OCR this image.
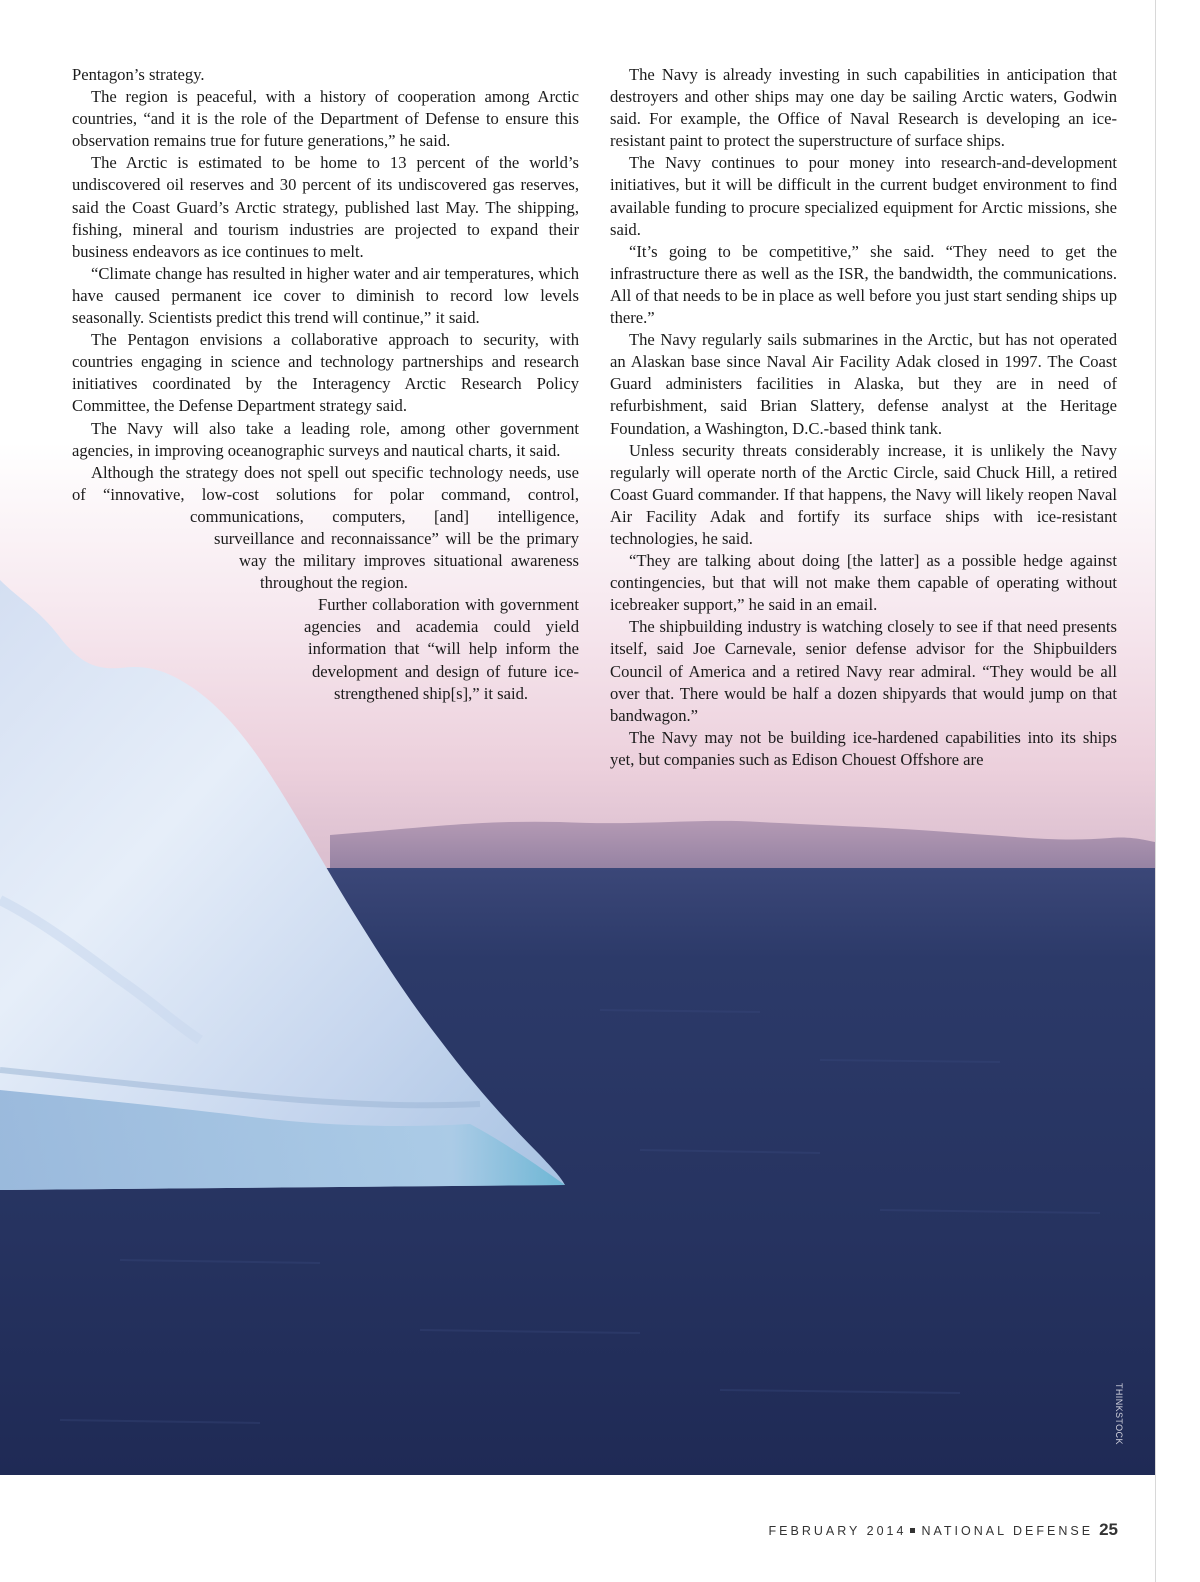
Pentagon’s strategy.

The region is peaceful, with a history of cooperation among Arctic countries, “and it is the role of the Department of Defense to ensure this observation remains true for future generations,” he said.

The Arctic is estimated to be home to 13 percent of the world’s undiscovered oil reserves and 30 percent of its undiscovered gas reserves, said the Coast Guard’s Arctic strategy, published last May. The shipping, fishing, mineral and tourism industries are projected to expand their business endeavors as ice continues to melt.

“Climate change has resulted in higher water and air temperatures, which have caused permanent ice cover to diminish to record low levels seasonally. Scientists predict this trend will continue,” it said.

The Pentagon envisions a collaborative approach to security, with countries engaging in science and technology partnerships and research initiatives coordinated by the Interagency Arctic Research Policy Committee, the Defense Department strategy said.

The Navy will also take a leading role, among other government agencies, in improving oceanographic surveys and nautical charts, it said.

Although the strategy does not spell out specific technology needs, use of “innovative, low-cost solutions for polar command, control, communications, computers, [and] intelligence, surveillance and reconnaissance” will be the primary way the military improves situational awareness throughout the region.

Further collaboration with government agencies and academia could yield information that “will help inform the development and design of future ice-strengthened ship[s],” it said.

The Navy is already investing in such capabilities in anticipation that destroyers and other ships may one day be sailing Arctic waters, Godwin said. For example, the Office of Naval Research is developing an ice-resistant paint to protect the superstructure of surface ships.

The Navy continues to pour money into research-and-development initiatives, but it will be difficult in the current budget environment to find available funding to procure specialized equipment for Arctic missions, she said.

“It’s going to be competitive,” she said. “They need to get the infrastructure there as well as the ISR, the bandwidth, the communications. All of that needs to be in place as well before you just start sending ships up there.”

The Navy regularly sails submarines in the Arctic, but has not operated an Alaskan base since Naval Air Facility Adak closed in 1997. The Coast Guard administers facilities in Alaska, but they are in need of refurbishment, said Brian Slattery, defense analyst at the Heritage Foundation, a Washington, D.C.-based think tank.

Unless security threats considerably increase, it is unlikely the Navy regularly will operate north of the Arctic Circle, said Chuck Hill, a retired Coast Guard commander. If that happens, the Navy will likely reopen Naval Air Facility Adak and fortify its surface ships with ice-resistant technologies, he said.

“They are talking about doing [the latter] as a possible hedge against contingencies, but that will not make them capable of operating without icebreaker support,” he said in an email.

The shipbuilding industry is watching closely to see if that need presents itself, said Joe Carnevale, senior defense advisor for the Shipbuilders Council of America and a retired Navy rear admiral. “They would be all over that. There would be half a dozen shipyards that would jump on that bandwagon.”

The Navy may not be building ice-hardened capabilities into its ships yet, but companies such as Edison Chouest Offshore are

THINKSTOCK
FEBRUARY 2014 NATIONAL DEFENSE 25
